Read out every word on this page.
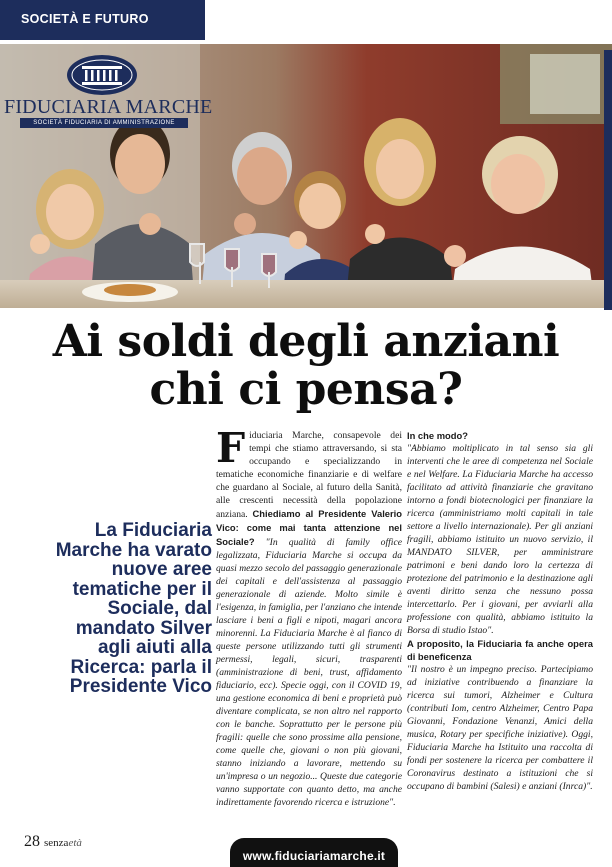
SOCIETÀ E FUTURO
FIDUCIARIA MARCHE
SOCIETÀ FIDUCIARIA DI AMMINISTRAZIONE
Ai soldi degli anziani
chi ci pensa?
La Fiduciaria Marche ha varato nuove aree tematiche per il Sociale, dal mandato Silver agli aiuti alla Ricerca: parla il Presidente Vico

Fiduciaria Marche, consapevole dei tempi che stiamo attraversando, si sta occupando e specializzando in tematiche economiche finanziarie e di welfare che guardano al Sociale, al futuro della Sanità, alle crescenti necessità della popolazione anziana. Chiediamo al Presidente Valerio Vico: come mai tanta attenzione nel Sociale? "In qualità di family office legalizzata, Fiduciaria Marche si occupa da quasi mezzo secolo del passaggio generazionale dei capitali e dell'assistenza al passaggio generazionale di aziende. Molto simile è l'esigenza, in famiglia, per l'anziano che intende lasciare i beni a figli e nipoti, magari ancora minorenni. La Fiduciaria Marche è al fianco di queste persone utilizzando tutti gli strumenti permessi, legali, sicuri, trasparenti (amministrazione di beni, trust, affidamento fiduciario, ecc). Specie oggi, con il COVID 19, una gestione economica di beni e proprietà può diventare complicata, se non altro nel rapporto con le banche. Soprattutto per le persone più fragili: quelle che sono prossime alla pensione, come quelle che, giovani o non più giovani, stanno iniziando a lavorare, mettendo su un'impresa o un negozio... Queste due categorie vanno supportate con quanto detto, ma anche indirettamente favorendo ricerca e istruzione".

In che modo?

"Abbiamo moltiplicato in tal senso sia gli interventi che le aree di competenza nel Sociale e nel Welfare. La Fiduciaria Marche ha accesso facilitato ad attività finanziarie che gravitano intorno a fondi biotecnologici per finanziare la ricerca (amministriamo molti capitali in tale settore a livello internazionale). Per gli anziani fragili, abbiamo istituito un nuovo servizio, il MANDATO SILVER, per amministrare patrimoni e beni dando loro la certezza di protezione del patrimonio e la destinazione agli aventi diritto senza che nessuno possa intercettarlo. Per i giovani, per avviarli alla professione con qualità, abbiamo istituito la Borsa di studio Istao".

A proposito, la Fiduciaria fa anche opera di beneficenza

"Il nostro è un impegno preciso. Partecipiamo ad iniziative contribuendo a finanziare la ricerca sui tumori, Alzheimer e Cultura (contributi Iom, centro Alzheimer, Centro Papa Giovanni, Fondazione Venanzi, Amici della musica, Rotary per specifiche iniziative). Oggi, Fiduciaria Marche ha Istituito una raccolta di fondi per sostenere la ricerca per combattere il Coronavirus destinato a istituzioni che si occupano di bambini (Salesi) e anziani (Inrca)".

28 senzaetà
www.fiduciariamarche.it
